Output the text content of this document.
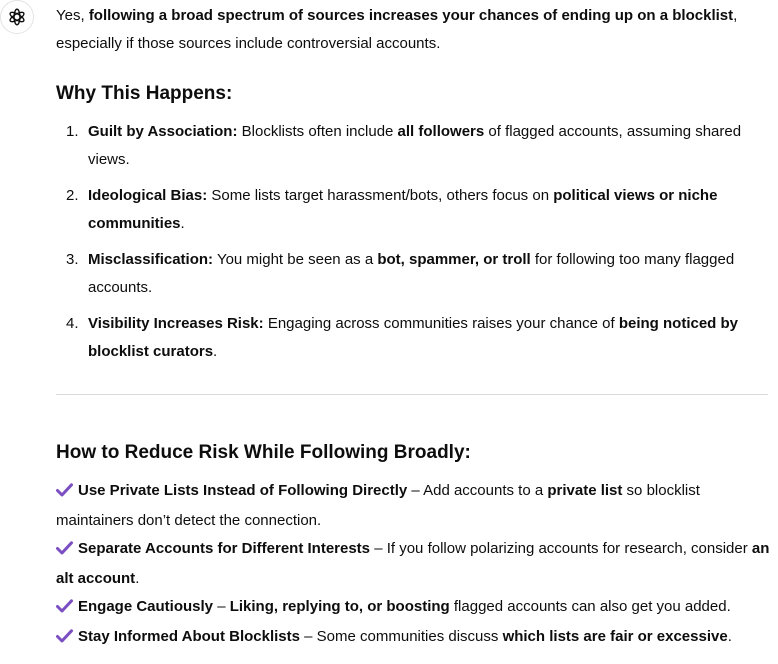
Yes, following a broad spectrum of sources increases your chances of ending up on a blocklist, especially if those sources include controversial accounts.

Why This Happens:
1. Guilt by Association: Blocklists often include all followers of flagged accounts, assuming shared views.
2. Ideological Bias: Some lists target harassment/bots, others focus on political views or niche communities.
3. Misclassification: You might be seen as a bot, spammer, or troll for following too many flagged accounts.
4. Visibility Increases Risk: Engaging across communities raises your chance of being noticed by blocklist curators.
How to Reduce Risk While Following Broadly:

Use Private Lists Instead of Following Directly – Add accounts to a private list so blocklist maintainers don’t detect the connection.

Separate Accounts for Different Interests – If you follow polarizing accounts for research, consider an alt account.

Engage Cautiously – Liking, replying to, or boosting flagged accounts can also get you added.

Stay Informed About Blocklists – Some communities discuss which lists are fair or excessive.
